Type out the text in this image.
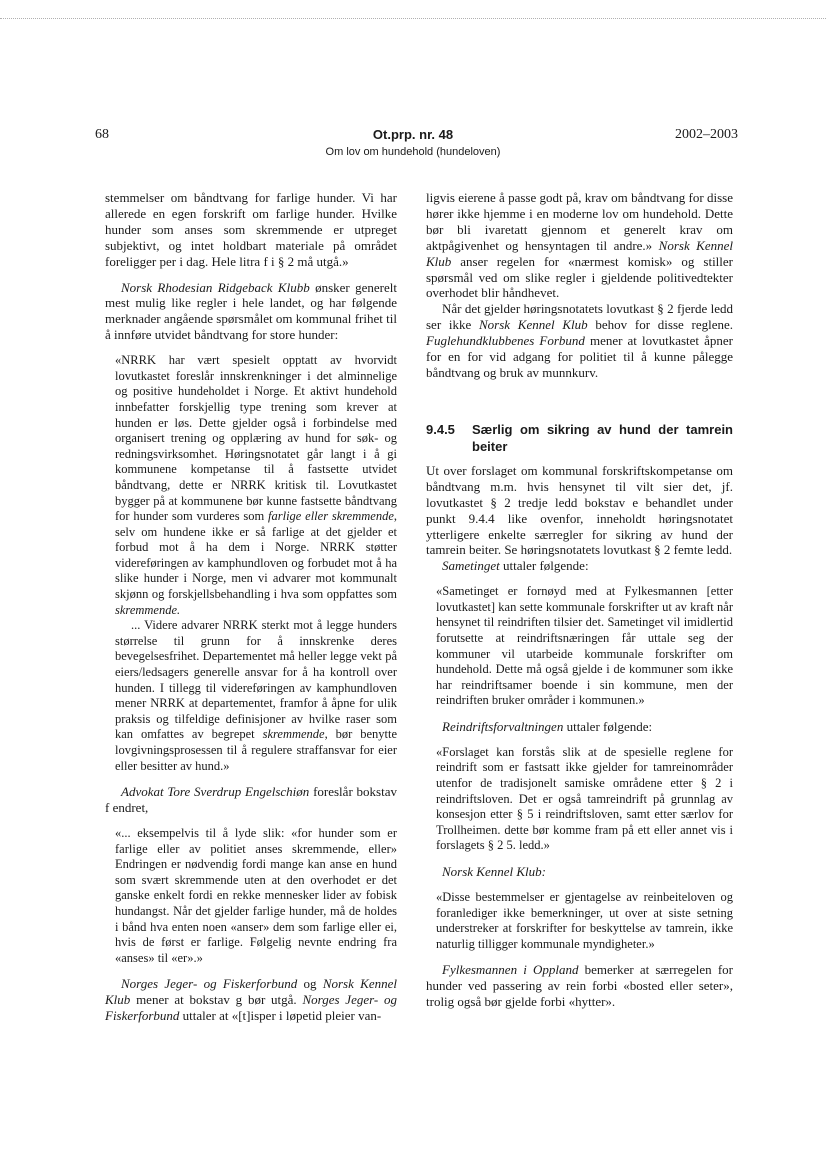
68	Ot.prp. nr. 48
Om lov om hundehold (hundeloven)
2002–2003

stemmelser om båndtvang for farlige hunder. Vi har allerede en egen forskrift om farlige hunder. Hvilke hunder som anses som skremmende er utpreget subjektivt, og intet holdbart materiale på området foreligger per i dag. Hele litra f i § 2 må utgå.»

Norsk Rhodesian Ridgeback Klubb ønsker generelt mest mulig like regler i hele landet, og har følgende merknader angående spørsmålet om kommunal frihet til å innføre utvidet båndtvang for store hunder:

«NRRK har vært spesielt opptatt av hvorvidt lovutkastet foreslår innskrenkninger i det alminnelige og positive hundeholdet i Norge. Et aktivt hundehold innbefatter forskjellig type trening som krever at hunden er løs. Dette gjelder også i forbindelse med organisert trening og opplæring av hund for søk- og redningsvirksomhet. Høringsnotatet går langt i å gi kommunene kompetanse til å fastsette utvidet båndtvang, dette er NRRK kritisk til. Lovutkastet bygger på at kommunene bør kunne fastsette båndtvang for hunder som vurderes som farlige eller skremmende, selv om hundene ikke er så farlige at det gjelder et forbud mot å ha dem i Norge. NRRK støtter videreføringen av kamphundloven og forbudet mot å ha slike hunder i Norge, men vi advarer mot kommunalt skjønn og forskjellsbehandling i hva som oppfattes som skremmende.

... Videre advarer NRRK sterkt mot å legge hunders størrelse til grunn for å innskrenke deres bevegelsesfrihet. Departementet må heller legge vekt på eiers/ledsagers generelle ansvar for å ha kontroll over hunden. I tillegg til videreføringen av kamphundloven mener NRRK at departementet, framfor å åpne for ulik praksis og tilfeldige definisjoner av hvilke raser som kan omfattes av begrepet skremmende, bør benytte lovgivningsprosessen til å regulere straffansvar for eier eller besitter av hund.»

Advokat Tore Sverdrup Engelschiøn foreslår bokstav f endret,

«... eksempelvis til å lyde slik: «for hunder som er farlige eller av politiet anses skremmende, eller» Endringen er nødvendig fordi mange kan anse en hund som svært skremmende uten at den overhodet er det ganske enkelt fordi en rekke mennesker lider av fobisk hundangst. Når det gjelder farlige hunder, må de holdes i bånd hva enten noen «anser» dem som farlige eller ei, hvis de først er farlige. Følgelig nevnte endring fra «anses» til «er».»

Norges Jeger- og Fiskerforbund og Norsk Kennel Klub mener at bokstav g bør utgå. Norges Jeger- og Fiskerforbund uttaler at «[t]isper i løpetid pleier van-

ligvis eierene å passe godt på, krav om båndtvang for disse hører ikke hjemme i en moderne lov om hundehold. Dette bør bli ivaretatt gjennom et generelt krav om aktpågivenhet og hensyntagen til andre.» Norsk Kennel Klub anser regelen for «nærmest komisk» og stiller spørsmål ved om slike regler i gjeldende politivedtekter overhodet blir håndhevet.

Når det gjelder høringsnotatets lovutkast § 2 fjerde ledd ser ikke Norsk Kennel Klub behov for disse reglene. Fuglehundklubbenes Forbund mener at lovutkastet åpner for en for vid adgang for politiet til å kunne pålegge båndtvang og bruk av munnkurv.

9.4.5	Særlig om sikring av hund der tamrein beiter

Ut over forslaget om kommunal forskriftskompetanse om båndtvang m.m. hvis hensynet til vilt sier det, jf. lovutkastet § 2 tredje ledd bokstav e behandlet under punkt 9.4.4 like ovenfor, inneholdt høringsnotatet ytterligere enkelte særregler for sikring av hund der tamrein beiter. Se høringsnotatets lovutkast § 2 femte ledd.

Sametinget uttaler følgende:

«Sametinget er fornøyd med at Fylkesmannen [etter lovutkastet] kan sette kommunale forskrifter ut av kraft når hensynet til reindriften tilsier det. Sametinget vil imidlertid forutsette at reindriftsnæringen får uttale seg der kommuner vil utarbeide kommunale forskrifter om hundehold. Dette må også gjelde i de kommuner som ikke har reindriftsamer boende i sin kommune, men der reindriften bruker områder i kommunen.»

Reindriftsforvaltningen uttaler følgende:

«Forslaget kan forstås slik at de spesielle reglene for reindrift som er fastsatt ikke gjelder for tamreinområder utenfor de tradisjonelt samiske områdene etter § 2 i reindriftsloven. Det er også tamreindrift på grunnlag av konsesjon etter § 5 i reindriftsloven, samt etter særlov for Trollheimen. dette bør komme fram på ett eller annet vis i forslagets § 2 5. ledd.»

Norsk Kennel Klub:

«Disse bestemmelser er gjentagelse av reinbeiteloven og foranlediger ikke bemerkninger, ut over at siste setning understreker at forskrifter for beskyttelse av tamrein, ikke naturlig tilligger kommunale myndigheter.»

Fylkesmannen i Oppland bemerker at særregelen for hunder ved passering av rein forbi «bosted eller seter», trolig også bør gjelde forbi «hytter».
